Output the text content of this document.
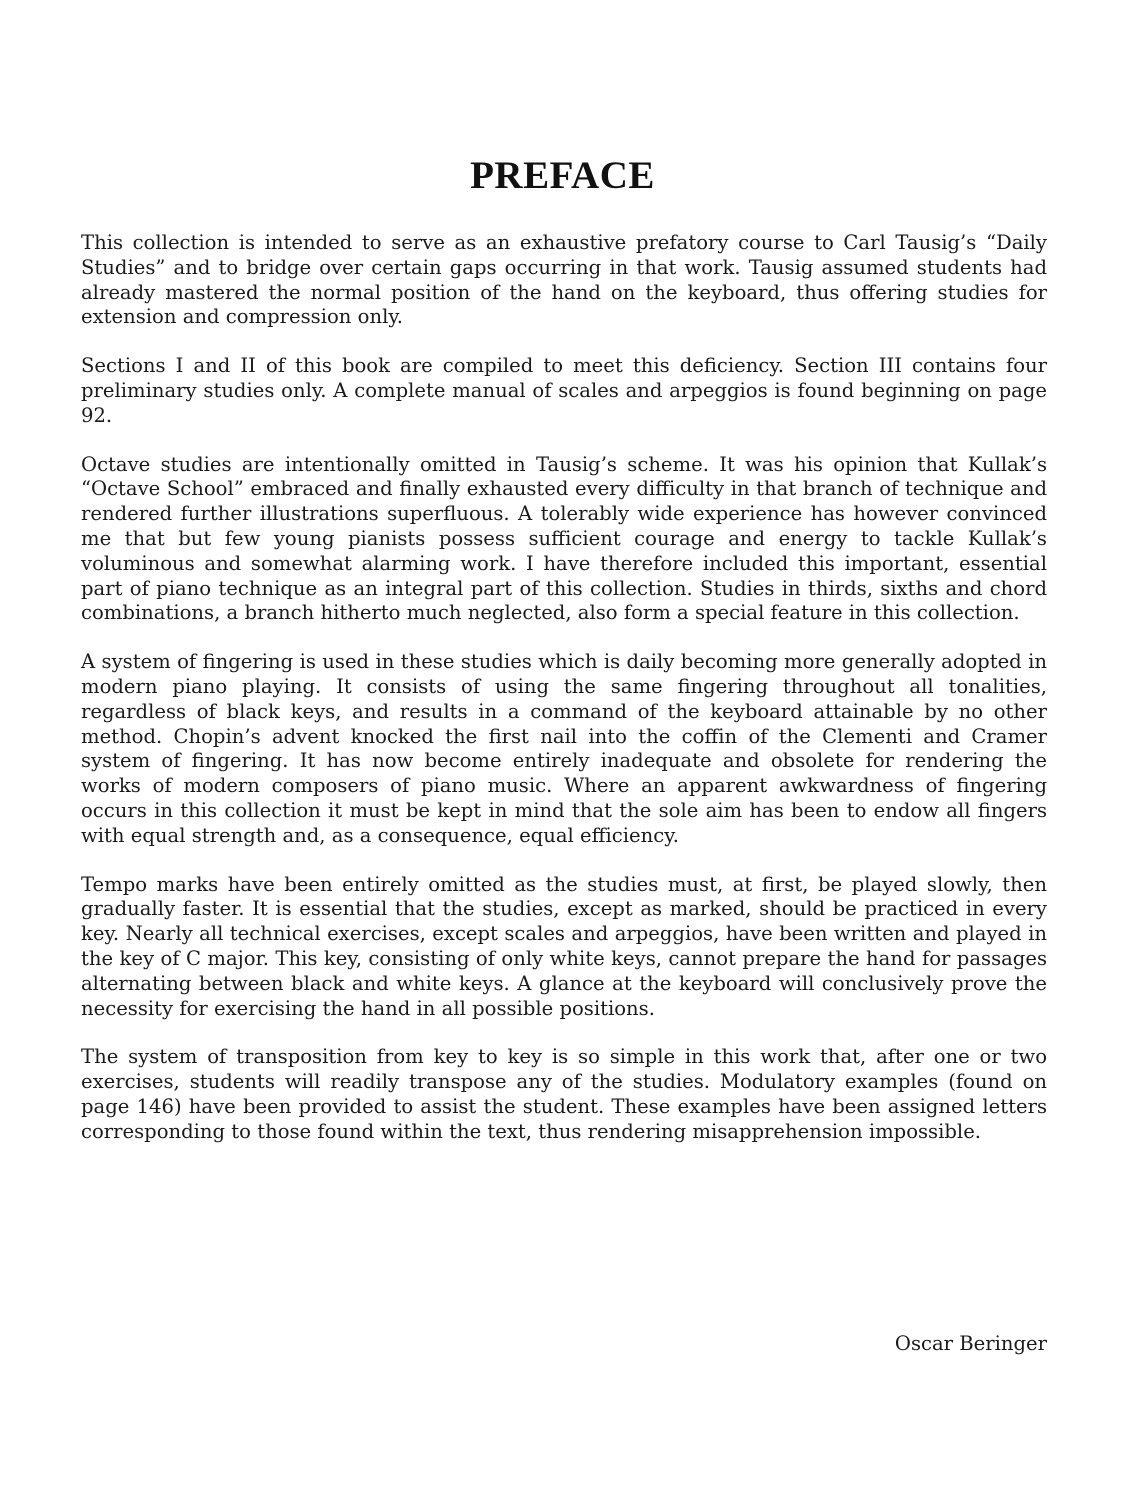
PREFACE

This collection is intended to serve as an exhaustive prefatory course to Carl Tausig’s “Daily Studies” and to bridge over certain gaps occurring in that work. Tausig assumed students had already mastered the normal position of the hand on the keyboard, thus offering studies for extension and compression only.

Sections I and II of this book are compiled to meet this deficiency. Section III contains four preliminary studies only. A complete manual of scales and arpeggios is found beginning on page 92.

Octave studies are intentionally omitted in Tausig’s scheme. It was his opinion that Kullak’s “Octave School” embraced and finally exhausted every difficulty in that branch of technique and rendered further illustrations superfluous. A tolerably wide experience has however convinced me that but few young pianists possess sufficient courage and energy to tackle Kullak’s voluminous and somewhat alarming work. I have therefore included this important, essential part of piano technique as an integral part of this collection. Studies in thirds, sixths and chord combinations, a branch hitherto much neglected, also form a special feature in this collection.

A system of fingering is used in these studies which is daily becoming more generally adopted in modern piano playing. It consists of using the same fingering throughout all tonalities, regardless of black keys, and results in a command of the keyboard attainable by no other method. Chopin’s advent knocked the first nail into the coffin of the Clementi and Cramer system of fingering. It has now become entirely inadequate and obsolete for rendering the works of modern composers of piano music. Where an apparent awkwardness of fingering occurs in this collection it must be kept in mind that the sole aim has been to endow all fingers with equal strength and, as a consequence, equal efficiency.

Tempo marks have been entirely omitted as the studies must, at first, be played slowly, then gradually faster. It is essential that the studies, except as marked, should be practiced in every key. Nearly all technical exercises, except scales and arpeggios, have been written and played in the key of C major. This key, consisting of only white keys, cannot prepare the hand for passages alternating between black and white keys. A glance at the keyboard will conclusively prove the necessity for exercising the hand in all possible positions.

The system of transposition from key to key is so simple in this work that, after one or two exercises, students will readily transpose any of the studies. Modulatory examples (found on page 146) have been provided to assist the student. These examples have been assigned letters corresponding to those found within the text, thus rendering misapprehension impossible.

Oscar Beringer
